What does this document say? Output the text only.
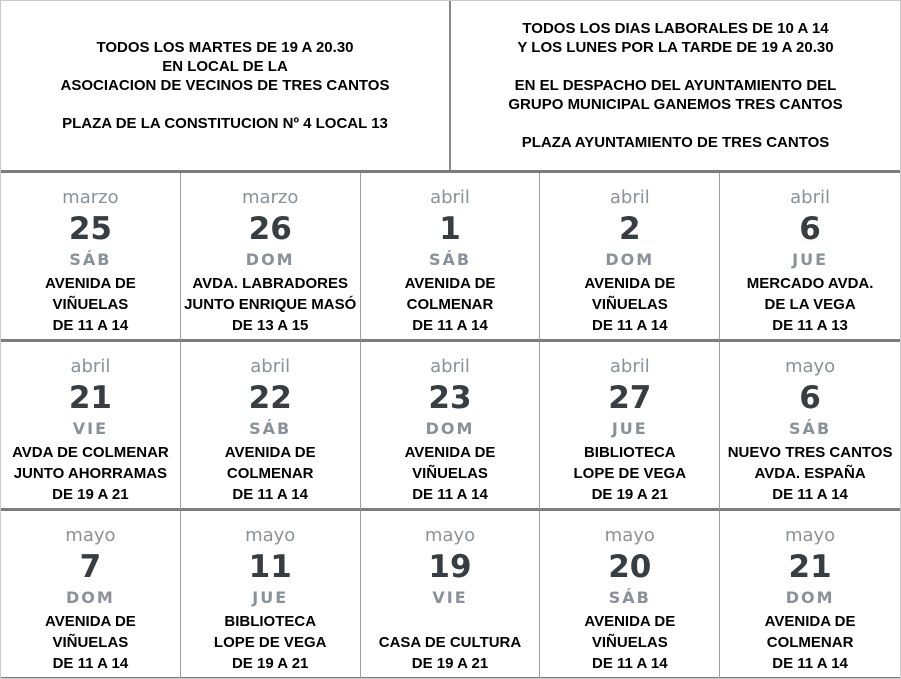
TODOS LOS MARTES DE 19 A 20.30
EN LOCAL DE LA
ASOCIACION DE VECINOS DE TRES CANTOS
PLAZA DE LA CONSTITUCION Nº 4 LOCAL 13
TODOS LOS DIAS LABORALES DE 10 A 14
Y LOS LUNES POR LA TARDE DE 19 A 20.30
EN EL DESPACHO DEL AYUNTAMIENTO DEL
GRUPO MUNICIPAL GANEMOS TRES CANTOS
PLAZA AYUNTAMIENTO DE TRES CANTOS
marzo
25
SÁB
AVENIDA DE
VIÑUELAS
DE 11 A 14
marzo
26
DOM
AVDA. LABRADORES
JUNTO ENRIQUE MASÓ
DE 13 A 15
abril
1
SÁB
AVENIDA DE
COLMENAR
DE 11 A 14
abril
2
DOM
AVENIDA DE
VIÑUELAS
DE 11 A 14
abril
6
JUE
MERCADO AVDA.
DE LA VEGA
DE 11 A 13
abril
21
VIE
AVDA DE COLMENAR
JUNTO AHORRAMAS
DE 19 A 21
abril
22
SÁB
AVENIDA DE
COLMENAR
DE 11 A 14
abril
23
DOM
AVENIDA DE
VIÑUELAS
DE 11 A 14
abril
27
JUE
BIBLIOTECA
LOPE DE VEGA
DE 19 A 21
mayo
6
SÁB
NUEVO TRES CANTOS
AVDA. ESPAÑA
DE 11 A 14
mayo
7
DOM
AVENIDA DE
VIÑUELAS
DE 11 A 14
mayo
11
JUE
BIBLIOTECA
LOPE DE VEGA
DE 19 A 21
mayo
19
VIE
CASA DE CULTURA
DE 19 A 21
mayo
20
SÁB
AVENIDA DE
VIÑUELAS
DE 11 A 14
mayo
21
DOM
AVENIDA DE
COLMENAR
DE 11 A 14
